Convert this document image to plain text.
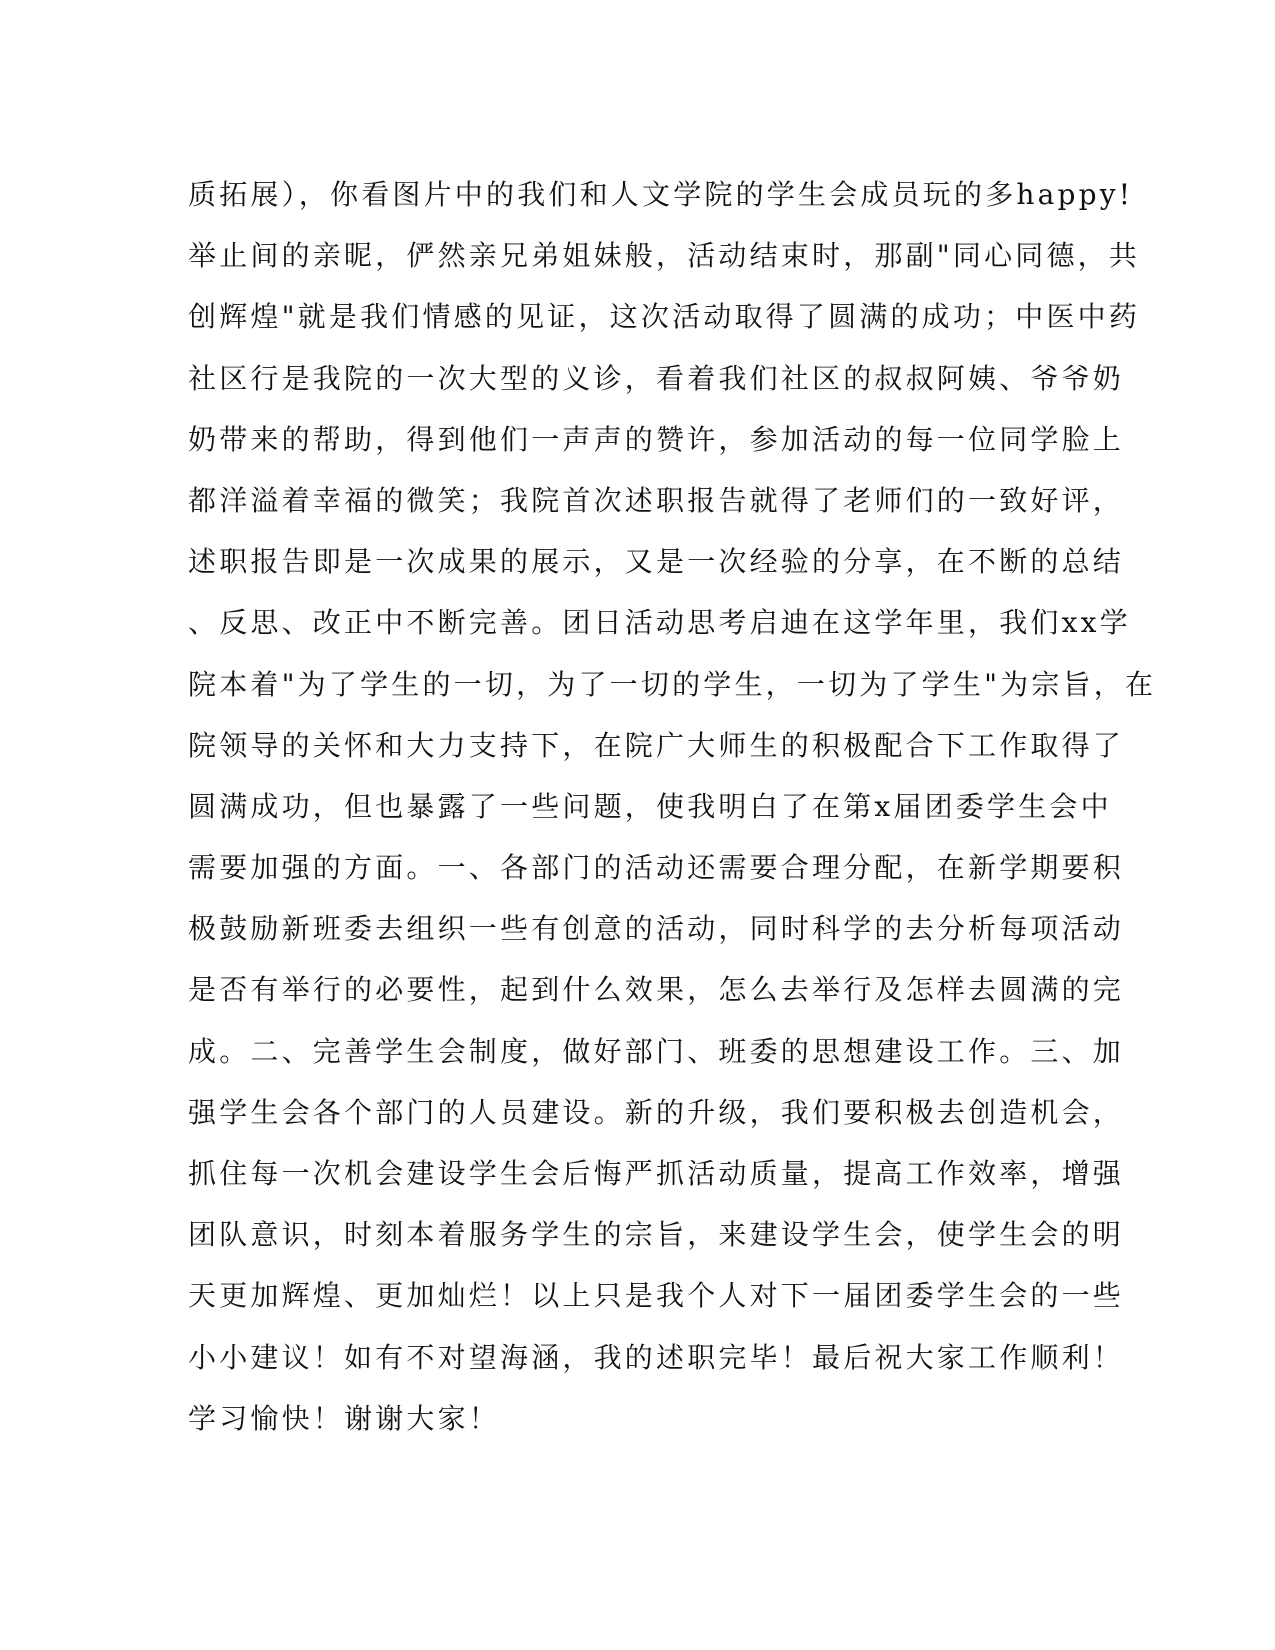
质拓展），你看图片中的我们和人文学院的学生会成员玩的多happy!
举止间的亲昵，俨然亲兄弟姐妹般，活动结束时，那副"同心同德，共
创辉煌"就是我们情感的见证，这次活动取得了圆满的成功；中医中药
社区行是我院的一次大型的义诊，看着我们社区的叔叔阿姨、爷爷奶
奶带来的帮助，得到他们一声声的赞许，参加活动的每一位同学脸上
都洋溢着幸福的微笑；我院首次述职报告就得了老师们的一致好评，
述职报告即是一次成果的展示，又是一次经验的分享，在不断的总结
、反思、改正中不断完善。团日活动思考启迪在这学年里，我们xx学
院本着"为了学生的一切，为了一切的学生，一切为了学生"为宗旨，在
院领导的关怀和大力支持下，在院广大师生的积极配合下工作取得了
圆满成功，但也暴露了一些问题，使我明白了在第x届团委学生会中
需要加强的方面。一、各部门的活动还需要合理分配，在新学期要积
极鼓励新班委去组织一些有创意的活动，同时科学的去分析每项活动
是否有举行的必要性，起到什么效果，怎么去举行及怎样去圆满的完
成。二、完善学生会制度，做好部门、班委的思想建设工作。三、加
强学生会各个部门的人员建设。新的升级，我们要积极去创造机会，
抓住每一次机会建设学生会后悔严抓活动质量，提高工作效率，增强
团队意识，时刻本着服务学生的宗旨，来建设学生会，使学生会的明
天更加辉煌、更加灿烂！以上只是我个人对下一届团委学生会的一些
小小建议！如有不对望海涵，我的述职完毕！最后祝大家工作顺利！
学习愉快！谢谢大家！
